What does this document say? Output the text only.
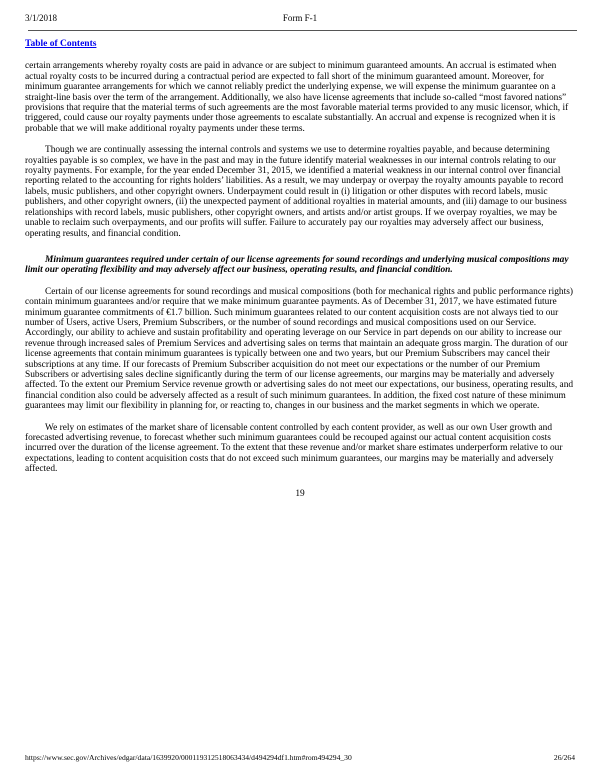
3/1/2018	Form F-1
Table of Contents

certain arrangements whereby royalty costs are paid in advance or are subject to minimum guaranteed amounts. An accrual is estimated when actual royalty costs to be incurred during a contractual period are expected to fall short of the minimum guaranteed amount. Moreover, for minimum guarantee arrangements for which we cannot reliably predict the underlying expense, we will expense the minimum guarantee on a straight-line basis over the term of the arrangement. Additionally, we also have license agreements that include so-called “most favored nations” provisions that require that the material terms of such agreements are the most favorable material terms provided to any music licensor, which, if triggered, could cause our royalty payments under those agreements to escalate substantially. An accrual and expense is recognized when it is probable that we will make additional royalty payments under these terms.

Though we are continually assessing the internal controls and systems we use to determine royalties payable, and because determining royalties payable is so complex, we have in the past and may in the future identify material weaknesses in our internal controls relating to our royalty payments. For example, for the year ended December 31, 2015, we identified a material weakness in our internal control over financial reporting related to the accounting for rights holders’ liabilities. As a result, we may underpay or overpay the royalty amounts payable to record labels, music publishers, and other copyright owners. Underpayment could result in (i) litigation or other disputes with record labels, music publishers, and other copyright owners, (ii) the unexpected payment of additional royalties in material amounts, and (iii) damage to our business relationships with record labels, music publishers, other copyright owners, and artists and/or artist groups. If we overpay royalties, we may be unable to reclaim such overpayments, and our profits will suffer. Failure to accurately pay our royalties may adversely affect our business, operating results, and financial condition.

Minimum guarantees required under certain of our license agreements for sound recordings and underlying musical compositions may limit our operating flexibility and may adversely affect our business, operating results, and financial condition.

Certain of our license agreements for sound recordings and musical compositions (both for mechanical rights and public performance rights) contain minimum guarantees and/or require that we make minimum guarantee payments. As of December 31, 2017, we have estimated future minimum guarantee commitments of €1.7 billion. Such minimum guarantees related to our content acquisition costs are not always tied to our number of Users, active Users, Premium Subscribers, or the number of sound recordings and musical compositions used on our Service. Accordingly, our ability to achieve and sustain profitability and operating leverage on our Service in part depends on our ability to increase our revenue through increased sales of Premium Services and advertising sales on terms that maintain an adequate gross margin. The duration of our license agreements that contain minimum guarantees is typically between one and two years, but our Premium Subscribers may cancel their subscriptions at any time. If our forecasts of Premium Subscriber acquisition do not meet our expectations or the number of our Premium Subscribers or advertising sales decline significantly during the term of our license agreements, our margins may be materially and adversely affected. To the extent our Premium Service revenue growth or advertising sales do not meet our expectations, our business, operating results, and financial condition also could be adversely affected as a result of such minimum guarantees. In addition, the fixed cost nature of these minimum guarantees may limit our flexibility in planning for, or reacting to, changes in our business and the market segments in which we operate.

We rely on estimates of the market share of licensable content controlled by each content provider, as well as our own User growth and forecasted advertising revenue, to forecast whether such minimum guarantees could be recouped against our actual content acquisition costs incurred over the duration of the license agreement. To the extent that these revenue and/or market share estimates underperform relative to our expectations, leading to content acquisition costs that do not exceed such minimum guarantees, our margins may be materially and adversely affected.

19
https://www.sec.gov/Archives/edgar/data/1639920/000119312518063434/d494294df1.htm#rom494294_30	26/264
